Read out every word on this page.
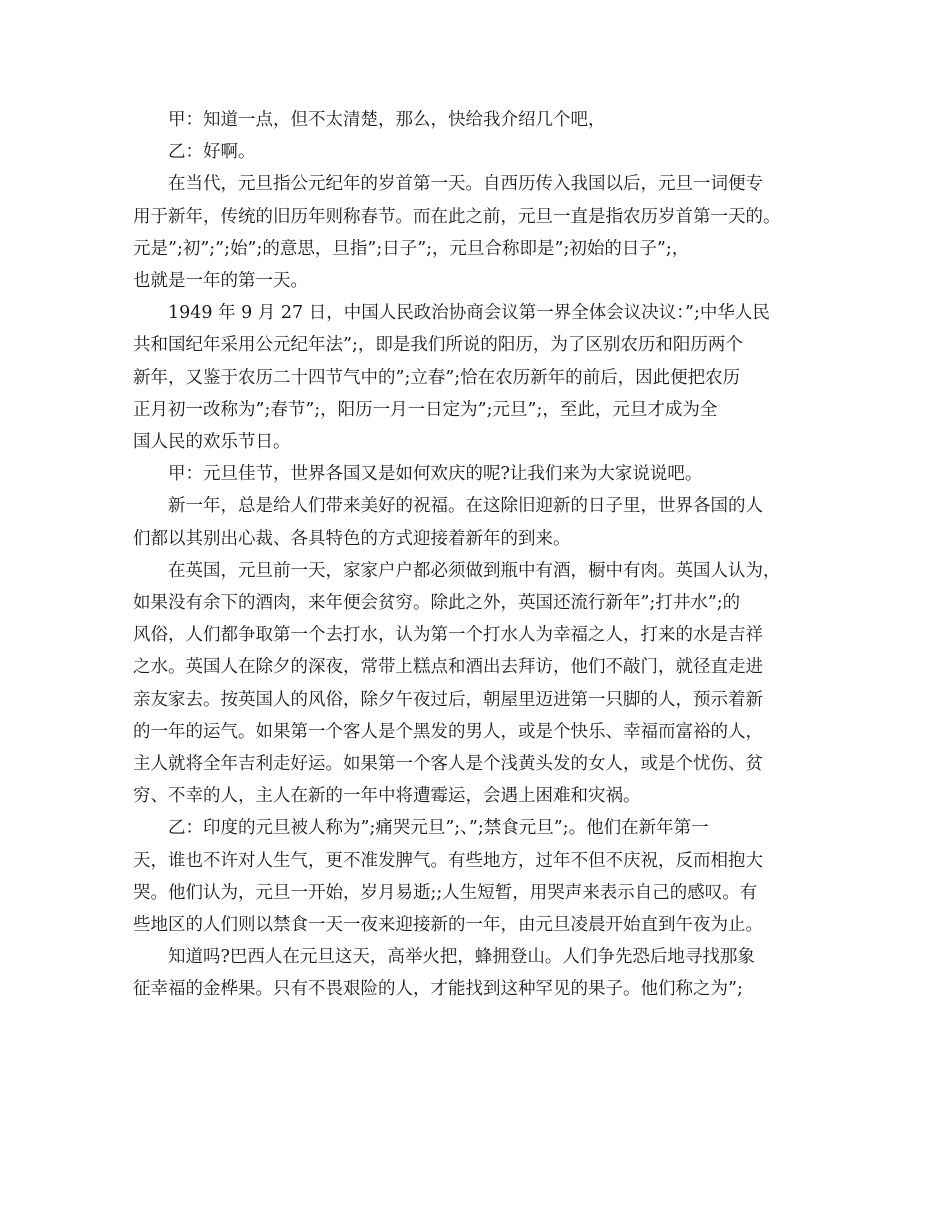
甲：知道一点，但不太清楚，那么，快给我介绍几个吧，
乙：好啊。
在当代，元旦指公元纪年的岁首第一天。自西历传入我国以后，元旦一词便专
用于新年，传统的旧历年则称春节。而在此之前，元旦一直是指农历岁首第一天的。
元是”;初”;”;始”;的意思，旦指”;日子”;，元旦合称即是”;初始的日子”;，
也就是一年的第一天。
1949 年 9 月 27 日，中国人民政治协商会议第一界全体会议决议：”;中华人民
共和国纪年采用公元纪年法”;，即是我们所说的阳历，为了区别农历和阳历两个
新年，又鉴于农历二十四节气中的”;立春”;恰在农历新年的前后，因此便把农历
正月初一改称为”;春节”;，阳历一月一日定为”;元旦”;，至此，元旦才成为全
国人民的欢乐节日。
甲：元旦佳节，世界各国又是如何欢庆的呢?让我们来为大家说说吧。
新一年，总是给人们带来美好的祝福。在这除旧迎新的日子里，世界各国的人
们都以其别出心裁、各具特色的方式迎接着新年的到来。
在英国，元旦前一天，家家户户都必须做到瓶中有酒，橱中有肉。英国人认为，
如果没有余下的酒肉，来年便会贫穷。除此之外，英国还流行新年”;打井水”;的
风俗，人们都争取第一个去打水，认为第一个打水人为幸福之人，打来的水是吉祥
之水。英国人在除夕的深夜，常带上糕点和酒出去拜访，他们不敲门，就径直走进
亲友家去。按英国人的风俗，除夕午夜过后，朝屋里迈进第一只脚的人，预示着新
的一年的运气。如果第一个客人是个黑发的男人，或是个快乐、幸福而富裕的人，
主人就将全年吉利走好运。如果第一个客人是个浅黄头发的女人，或是个忧伤、贫
穷、不幸的人，主人在新的一年中将遭霉运，会遇上困难和灾祸。
乙：印度的元旦被人称为”;痛哭元旦”;、”;禁食元旦”;。他们在新年第一
天，谁也不许对人生气，更不准发脾气。有些地方，过年不但不庆祝，反而相抱大
哭。他们认为，元旦一开始，岁月易逝;;人生短暂，用哭声来表示自己的感叹。有
些地区的人们则以禁食一天一夜来迎接新的一年，由元旦凌晨开始直到午夜为止。
知道吗?巴西人在元旦这天，高举火把，蜂拥登山。人们争先恐后地寻找那象
征幸福的金桦果。只有不畏艰险的人，才能找到这种罕见的果子。他们称之为”;
